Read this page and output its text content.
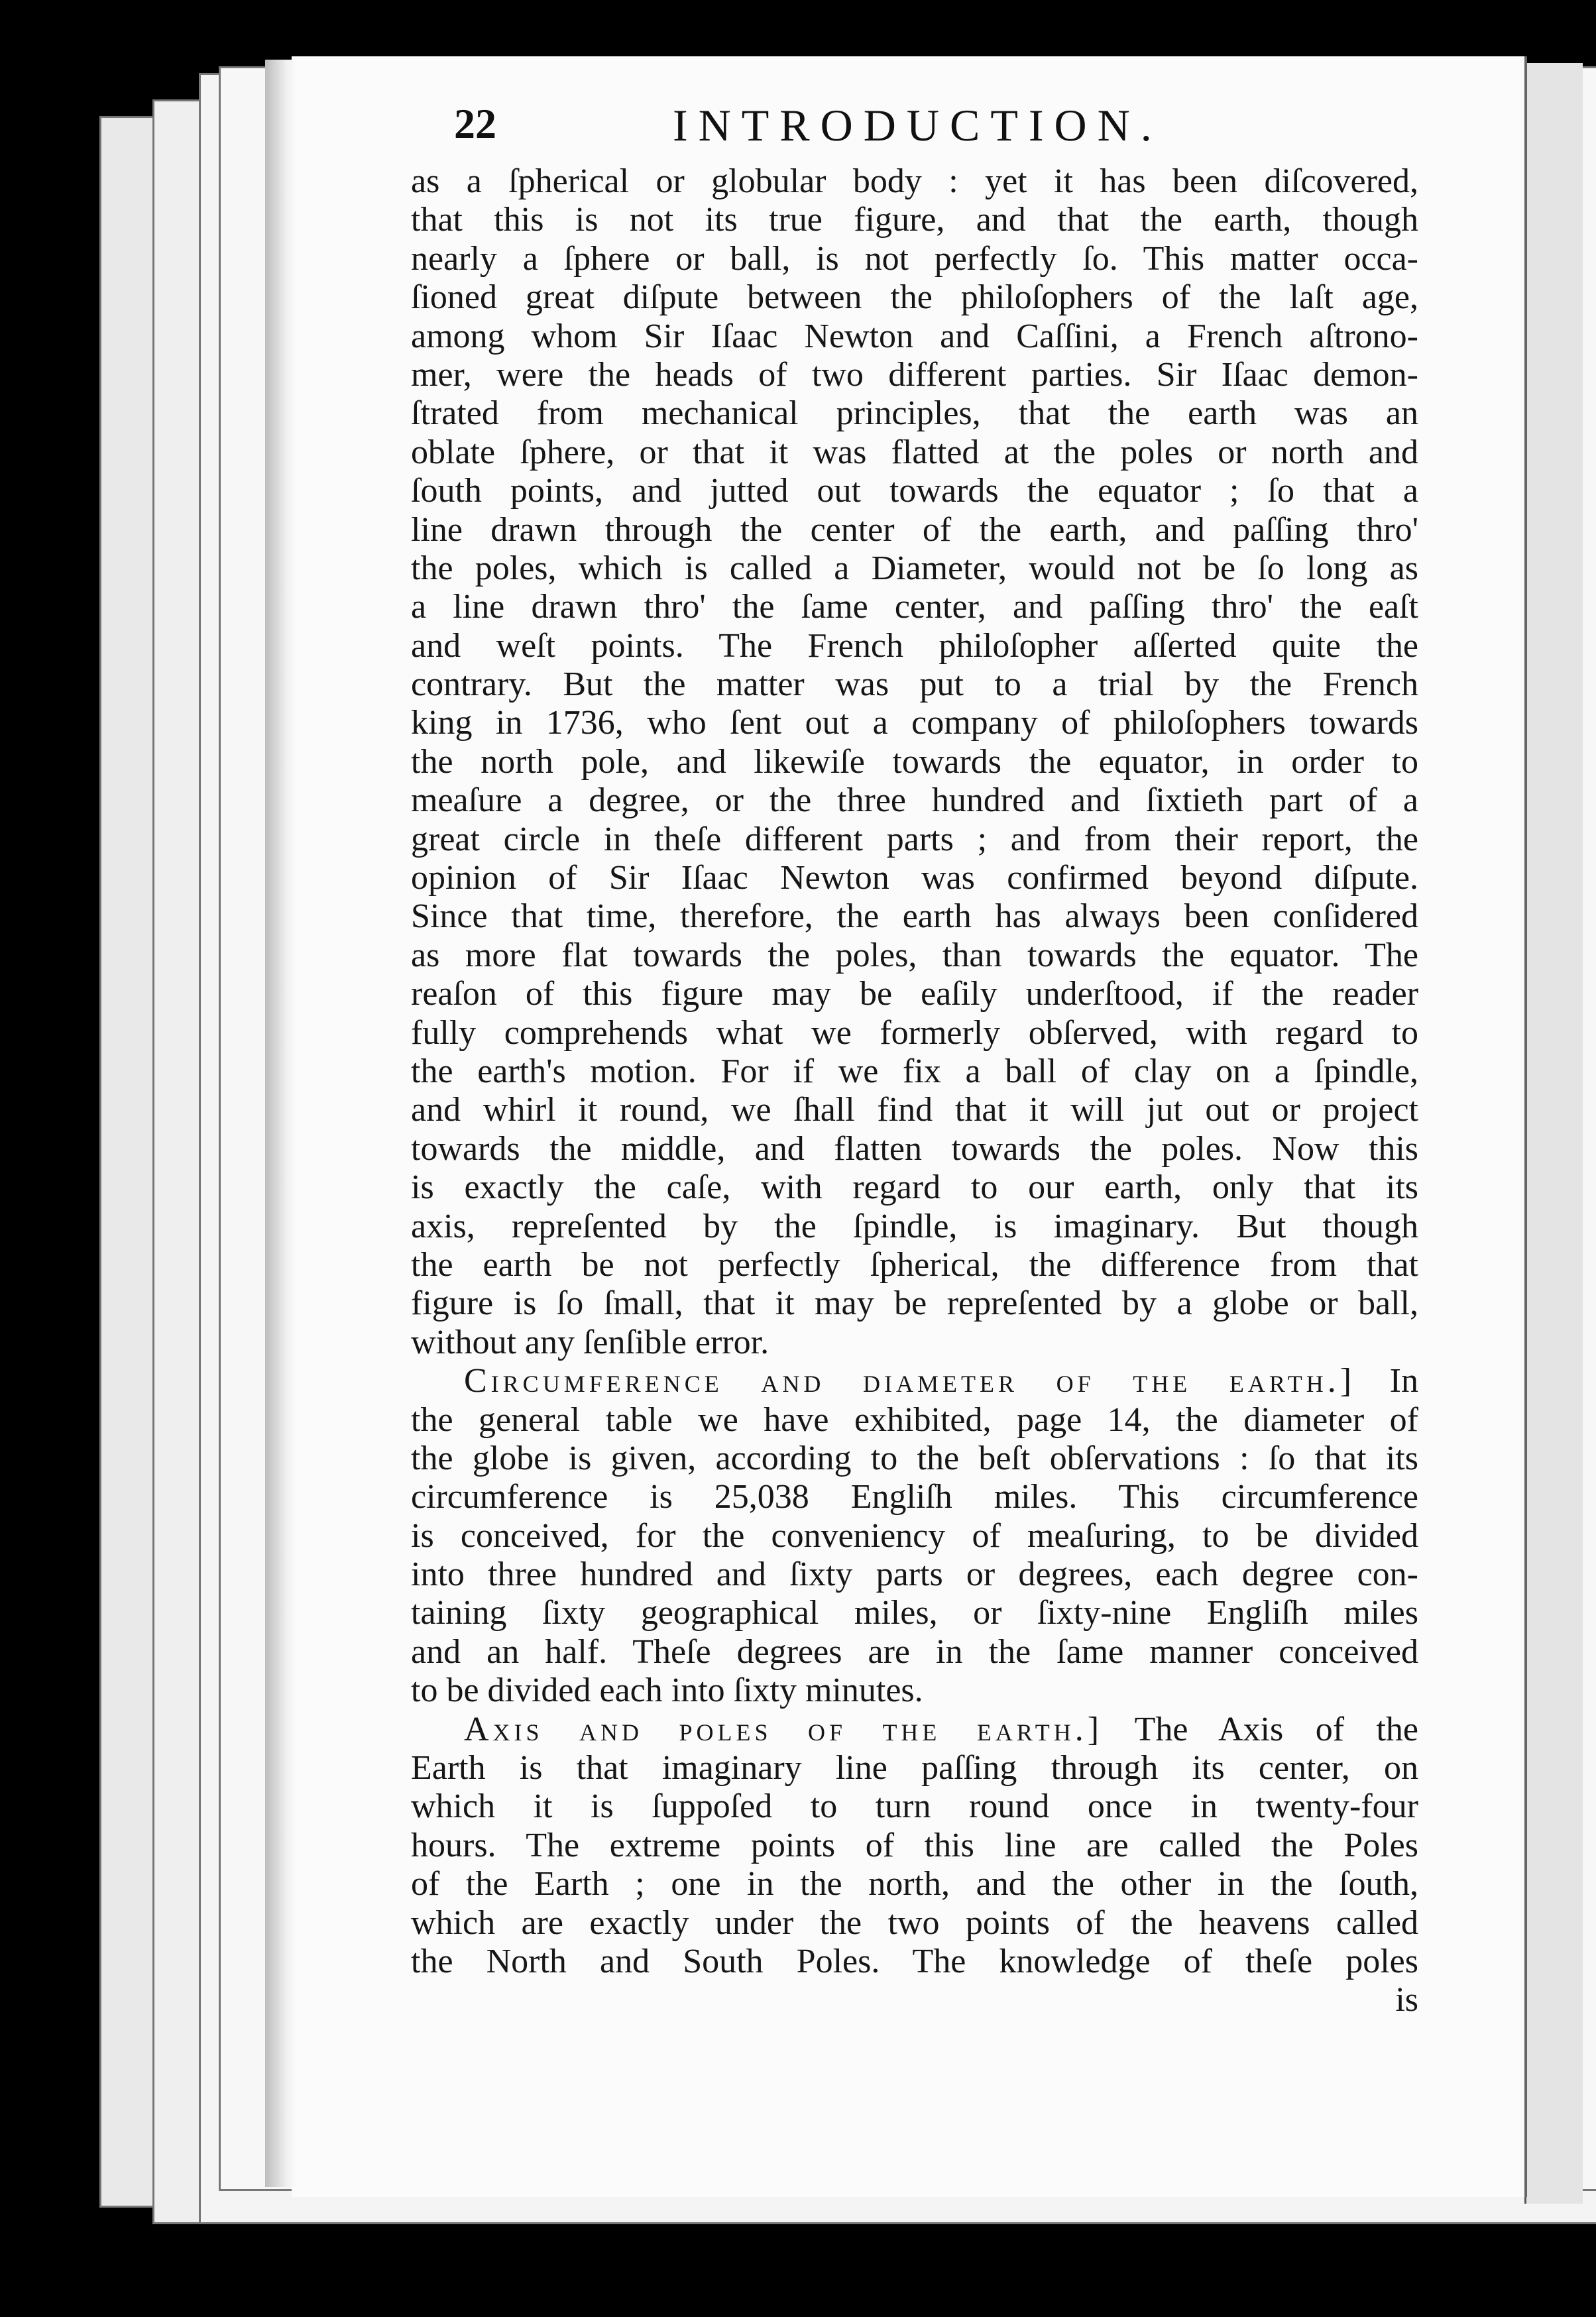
22	INTRODUCTION.
as a ſpherical or globular body : yet it has been diſcovered,
that this is not its true figure, and that the earth, though
nearly a ſphere or ball, is not perfectly ſo. This matter occa-
ſioned great diſpute between the philoſophers of the laſt age,
among whom Sir Iſaac Newton and Caſſini, a French aſtrono-
mer, were the heads of two different parties. Sir Iſaac demon-
ſtrated from mechanical principles, that the earth was an
oblate ſphere, or that it was flatted at the poles or north and
ſouth points, and jutted out towards the equator ; ſo that a
line drawn through the center of the earth, and paſſing thro'
the poles, which is called a Diameter, would not be ſo long as
a line drawn thro' the ſame center, and paſſing thro' the eaſt
and weſt points. The French philoſopher aſſerted quite the
contrary. But the matter was put to a trial by the French
king in 1736, who ſent out a company of philoſophers towards
the north pole, and likewiſe towards the equator, in order to
meaſure a degree, or the three hundred and ſixtieth part of a
great circle in theſe different parts ; and from their report, the
opinion of Sir Iſaac Newton was confirmed beyond diſpute.
Since that time, therefore, the earth has always been conſidered
as more flat towards the poles, than towards the equator. The
reaſon of this figure may be eaſily underſtood, if the reader
fully comprehends what we formerly obſerved, with regard to
the earth's motion. For if we fix a ball of clay on a ſpindle,
and whirl it round, we ſhall find that it will jut out or project
towards the middle, and flatten towards the poles. Now this
is exactly the caſe, with regard to our earth, only that its
axis, repreſented by the ſpindle, is imaginary. But though
the earth be not perfectly ſpherical, the difference from that
figure is ſo ſmall, that it may be repreſented by a globe or ball,
without any ſenſible error.
Circumference and diameter of the earth.] In
the general table we have exhibited, page 14, the diameter of
the globe is given, according to the beſt obſervations : ſo that its
circumference is 25,038 Engliſh miles. This circumference
is conceived, for the conveniency of meaſuring, to be divided
into three hundred and ſixty parts or degrees, each degree con-
taining ſixty geographical miles, or ſixty-nine Engliſh miles
and an half. Theſe degrees are in the ſame manner conceived
to be divided each into ſixty minutes.
Axis and poles of the earth.] The Axis of the
Earth is that imaginary line paſſing through its center, on
which it is ſuppoſed to turn round once in twenty-four
hours. The extreme points of this line are called the Poles
of the Earth ; one in the north, and the other in the ſouth,
which are exactly under the two points of the heavens called
the North and South Poles. The knowledge of theſe poles
is
